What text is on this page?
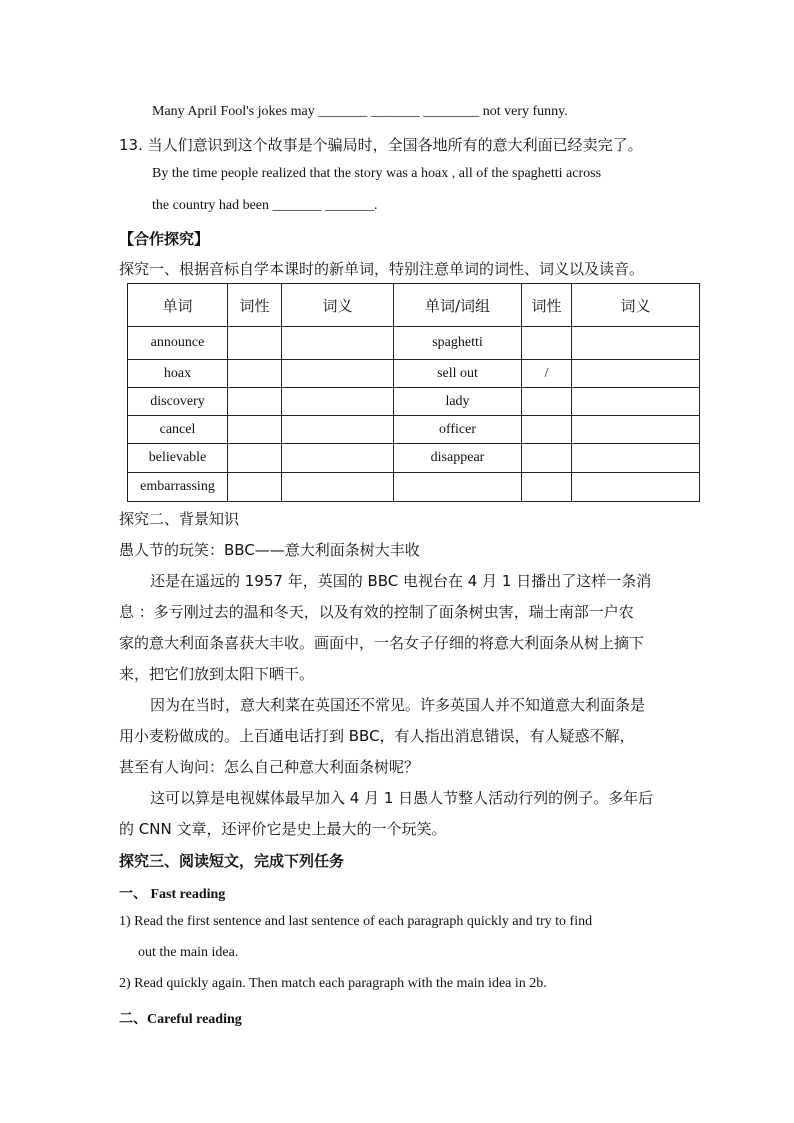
Many April Fool's jokes may _______ _______ ________ not very funny.
13. 当人们意识到这个故事是个骗局时，全国各地所有的意大利面已经卖完了。
By the time people realized that the story was a hoax , all of the spaghetti across
the country had been _______ _______.
【合作探究】
探究一、根据音标自学本课时的新单词，特别注意单词的词性、词义以及读音。
单词	词性	词义	单词/词组	词性	词义
announce			spaghetti		
hoax			sell out	/	
discovery			lady		
cancel			officer		
believable			disappear		
embarrassing					
探究二、背景知识
愚人节的玩笑：BBC——意大利面条树大丰收
还是在遥远的 1957 年，英国的 BBC 电视台在 4 月 1 日播出了这样一条消
息 ：多亏刚过去的温和冬天，以及有效的控制了面条树虫害，瑞士南部一户农
家的意大利面条喜获大丰收。画面中，一名女子仔细的将意大利面条从树上摘下
来，把它们放到太阳下晒干。
因为在当时，意大利菜在英国还不常见。许多英国人并不知道意大利面条是
用小麦粉做成的。上百通电话打到 BBC，有人指出消息错误，有人疑惑不解，
甚至有人询问：怎么自己种意大利面条树呢？
这可以算是电视媒体最早加入 4 月 1 日愚人节整人活动行列的例子。多年后
的 CNN 文章，还评价它是史上最大的一个玩笑。
探究三、阅读短文，完成下列任务
一、 Fast reading
1) Read the first sentence and last sentence of each paragraph quickly and try to find
out the main idea.
2) Read quickly again. Then match each paragraph with the main idea in 2b.
二、Careful reading
